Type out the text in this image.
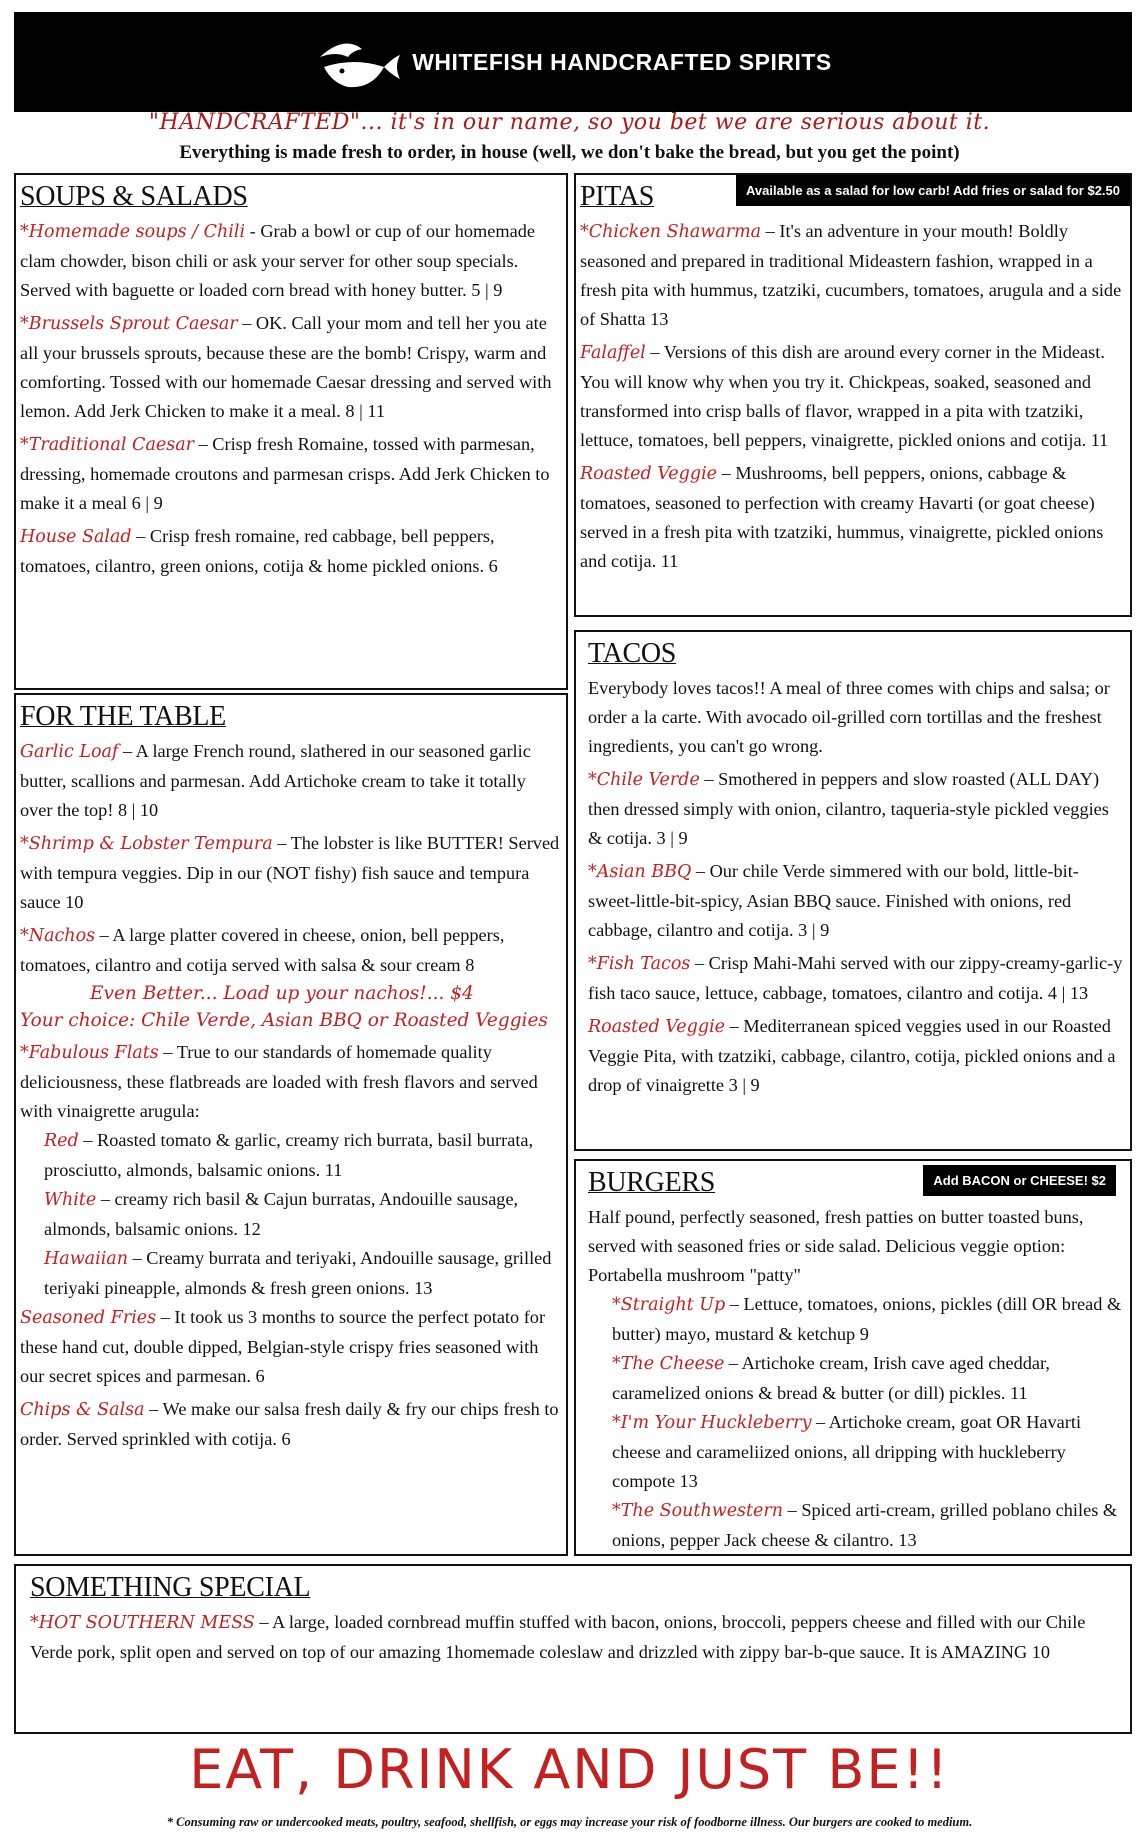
WHITEFISH HANDCRAFTED SPIRITS
"HANDCRAFTED"... it's in our name, so you bet we are serious about it.
Everything is made fresh to order, in house (well, we don't bake the bread, but you get the point)
SOUPS & SALADS
*Homemade soups / Chili - Grab a bowl or cup of our homemade clam chowder, bison chili or ask your server for other soup specials. Served with baguette or loaded corn bread with honey butter. 5 | 9
*Brussels Sprout Caesar – OK. Call your mom and tell her you ate all your brussels sprouts, because these are the bomb! Crispy, warm and comforting. Tossed with our homemade Caesar dressing and served with lemon. Add Jerk Chicken to make it a meal. 8 | 11
*Traditional Caesar – Crisp fresh Romaine, tossed with parmesan, dressing, homemade croutons and parmesan crisps. Add Jerk Chicken to make it a meal 6 | 9
House Salad – Crisp fresh romaine, red cabbage, bell peppers, tomatoes, cilantro, green onions, cotija & home pickled onions. 6
FOR THE TABLE
Garlic Loaf – A large French round, slathered in our seasoned garlic butter, scallions and parmesan. Add Artichoke cream to take it totally over the top! 8 | 10
*Shrimp & Lobster Tempura – The lobster is like BUTTER! Served with tempura veggies. Dip in our (NOT fishy) fish sauce and tempura sauce 10
*Nachos – A large platter covered in cheese, onion, bell peppers, tomatoes, cilantro and cotija served with salsa & sour cream 8
Even Better... Load up your nachos!... $4
Your choice: Chile Verde, Asian BBQ or Roasted Veggies
*Fabulous Flats – True to our standards of homemade quality deliciousness, these flatbreads are loaded with fresh flavors and served with vinaigrette arugula:
Red – Roasted tomato & garlic, creamy rich burrata, basil burrata, prosciutto, almonds, balsamic onions. 11
White – creamy rich basil & Cajun burratas, Andouille sausage, almonds, balsamic onions. 12
Hawaiian – Creamy burrata and teriyaki, Andouille sausage, grilled teriyaki pineapple, almonds & fresh green onions. 13
Seasoned Fries – It took us 3 months to source the perfect potato for these hand cut, double dipped, Belgian-style crispy fries seasoned with our secret spices and parmesan. 6
Chips & Salsa – We make our salsa fresh daily & fry our chips fresh to order. Served sprinkled with cotija. 6
PITAS	Available as a salad for low carb! Add fries or salad for $2.50
*Chicken Shawarma – It's an adventure in your mouth! Boldly seasoned and prepared in traditional Mideastern fashion, wrapped in a fresh pita with hummus, tzatziki, cucumbers, tomatoes, arugula and a side of Shatta 13
Falaffel – Versions of this dish are around every corner in the Mideast. You will know why when you try it. Chickpeas, soaked, seasoned and transformed into crisp balls of flavor, wrapped in a pita with tzatziki, lettuce, tomatoes, bell peppers, vinaigrette, pickled onions and cotija. 11
Roasted Veggie – Mushrooms, bell peppers, onions, cabbage & tomatoes, seasoned to perfection with creamy Havarti (or goat cheese) served in a fresh pita with tzatziki, hummus, vinaigrette, pickled onions and cotija. 11
TACOS
Everybody loves tacos!! A meal of three comes with chips and salsa; or order a la carte. With avocado oil-grilled corn tortillas and the freshest ingredients, you can't go wrong.
*Chile Verde – Smothered in peppers and slow roasted (ALL DAY) then dressed simply with onion, cilantro, taqueria-style pickled veggies & cotija. 3 | 9
*Asian BBQ – Our chile Verde simmered with our bold, little-bit-sweet-little-bit-spicy, Asian BBQ sauce. Finished with onions, red cabbage, cilantro and cotija. 3 | 9
*Fish Tacos – Crisp Mahi-Mahi served with our zippy-creamy-garlic-y fish taco sauce, lettuce, cabbage, tomatoes, cilantro and cotija. 4 | 13
Roasted Veggie – Mediterranean spiced veggies used in our Roasted Veggie Pita, with tzatziki, cabbage, cilantro, cotija, pickled onions and a drop of vinaigrette 3 | 9
BURGERS	Add BACON or CHEESE! $2
Half pound, perfectly seasoned, fresh patties on butter toasted buns, served with seasoned fries or side salad. Delicious veggie option: Portabella mushroom "patty"
*Straight Up – Lettuce, tomatoes, onions, pickles (dill OR bread & butter) mayo, mustard & ketchup 9
*The Cheese – Artichoke cream, Irish cave aged cheddar, caramelized onions & bread & butter (or dill) pickles. 11
*I'm Your Huckleberry – Artichoke cream, goat OR Havarti cheese and carameliized onions, all dripping with huckleberry compote 13
*The Southwestern – Spiced arti-cream, grilled poblano chiles & onions, pepper Jack cheese & cilantro. 13
SOMETHING SPECIAL
*HOT SOUTHERN MESS – A large, loaded cornbread muffin stuffed with bacon, onions, broccoli, peppers cheese and filled with our Chile Verde pork, split open and served on top of our amazing 1homemade coleslaw and drizzled with zippy bar-b-que sauce. It is AMAZING 10
EAT, DRINK AND JUST BE!!
* Consuming raw or undercooked meats, poultry, seafood, shellfish, or eggs may increase your risk of foodborne illness. Our burgers are cooked to medium.
